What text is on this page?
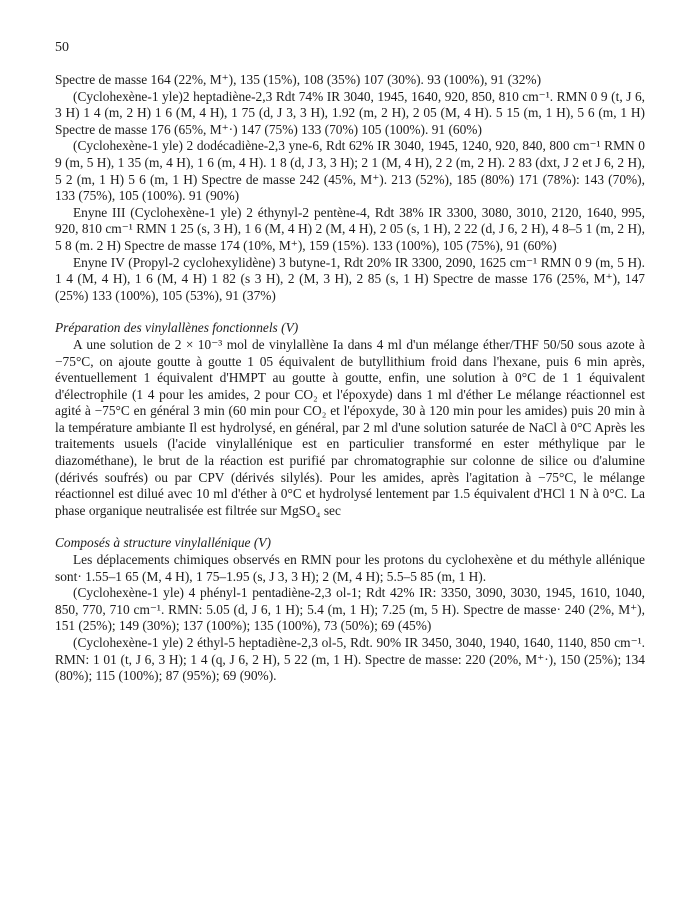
50

Spectre de masse 164 (22%, M⁺), 135 (15%), 108 (35%) 107 (30%). 93 (100%), 91 (32%)

(Cyclohexène-1 yle)2 heptadiène-2,3 Rdt 74% IR 3040, 1945, 1640, 920, 850, 810 cm⁻¹. RMN 0 9 (t, J 6, 3 H) 1 4 (m, 2 H) 1 6 (M, 4 H), 1 75 (d, J 3, 3 H), 1.92 (m, 2 H), 2 05 (M, 4 H). 5 15 (m, 1 H), 5 6 (m, 1 H) Spectre de masse 176 (65%, M⁺·) 147 (75%) 133 (70%) 105 (100%). 91 (60%)

(Cyclohexène-1 yle) 2 dodécadiène-2,3 yne-6, Rdt 62% IR 3040, 1945, 1240, 920, 840, 800 cm⁻¹ RMN 0 9 (m, 5 H), 1 35 (m, 4 H), 1 6 (m, 4 H). 1 8 (d, J 3, 3 H); 2 1 (M, 4 H), 2 2 (m, 2 H). 2 83 (dxt, J 2 et J 6, 2 H), 5 2 (m, 1 H) 5 6 (m, 1 H) Spectre de masse 242 (45%, M⁺). 213 (52%), 185 (80%) 171 (78%): 143 (70%), 133 (75%), 105 (100%). 91 (90%)

Enyne III (Cyclohexène-1 yle) 2 éthynyl-2 pentène-4, Rdt 38% IR 3300, 3080, 3010, 2120, 1640, 995, 920, 810 cm⁻¹ RMN 1 25 (s, 3 H), 1 6 (M, 4 H) 2 (M, 4 H), 2 05 (s, 1 H), 2 22 (d, J 6, 2 H), 4 8–5 1 (m, 2 H), 5 8 (m. 2 H) Spectre de masse 174 (10%, M⁺), 159 (15%). 133 (100%), 105 (75%), 91 (60%)

Enyne IV (Propyl-2 cyclohexylidène) 3 butyne-1, Rdt 20% IR 3300, 2090, 1625 cm⁻¹ RMN 0 9 (m, 5 H). 1 4 (M, 4 H), 1 6 (M, 4 H) 1 82 (s 3 H), 2 (M, 3 H), 2 85 (s, 1 H) Spectre de masse 176 (25%, M⁺), 147 (25%) 133 (100%), 105 (53%), 91 (37%)

Préparation des vinylallènes fonctionnels (V)

A une solution de 2 × 10⁻³ mol de vinylallène Ia dans 4 ml d'un mélange éther/THF 50/50 sous azote à −75°C, on ajoute goutte à goutte 1 05 équivalent de butyllithium froid dans l'hexane, puis 6 min après, éventuellement 1 équivalent d'HMPT au goutte à goutte, enfin, une solution à 0°C de 1 1 équivalent d'électrophile (1 4 pour les amides, 2 pour CO₂ et l'époxyde) dans 1 ml d'éther Le mélange réactionnel est agité à −75°C en général 3 min (60 min pour CO₂ et l'époxyde, 30 à 120 min pour les amides) puis 20 min à la température ambiante Il est hydrolysé, en général, par 2 ml d'une solution saturée de NaCl à 0°C Après les traitements usuels (l'acide vinylallénique est en particulier transformé en ester méthylique par le diazométhane), le brut de la réaction est purifié par chromatographie sur colonne de silice ou d'alumine (dérivés soufrés) ou par CPV (dérivés silylés). Pour les amides, après l'agitation à −75°C, le mélange réactionnel est dilué avec 10 ml d'éther à 0°C et hydrolysé lentement par 1.5 équivalent d'HCl 1 N à 0°C. La phase organique neutralisée est filtrée sur MgSO₄ sec

Composés à structure vinylallénique (V)

Les déplacements chimiques observés en RMN pour les protons du cyclohexène et du méthyle allénique sont· 1.55–1 65 (M, 4 H), 1 75–1.95 (s, J 3, 3 H); 2 (M, 4 H); 5.5–5 85 (m, 1 H).

(Cyclohexène-1 yle) 4 phényl-1 pentadiène-2,3 ol-1; Rdt 42% IR: 3350, 3090, 3030, 1945, 1610, 1040, 850, 770, 710 cm⁻¹. RMN: 5.05 (d, J 6, 1 H); 5.4 (m, 1 H); 7.25 (m, 5 H). Spectre de masse· 240 (2%, M⁺), 151 (25%); 149 (30%); 137 (100%); 135 (100%), 73 (50%); 69 (45%)

(Cyclohexène-1 yle) 2 éthyl-5 heptadiène-2,3 ol-5, Rdt. 90% IR 3450, 3040, 1940, 1640, 1140, 850 cm⁻¹. RMN: 1 01 (t, J 6, 3 H); 1 4 (q, J 6, 2 H), 5 22 (m, 1 H). Spectre de masse: 220 (20%, M⁺·), 150 (25%); 134 (80%); 115 (100%); 87 (95%); 69 (90%).
